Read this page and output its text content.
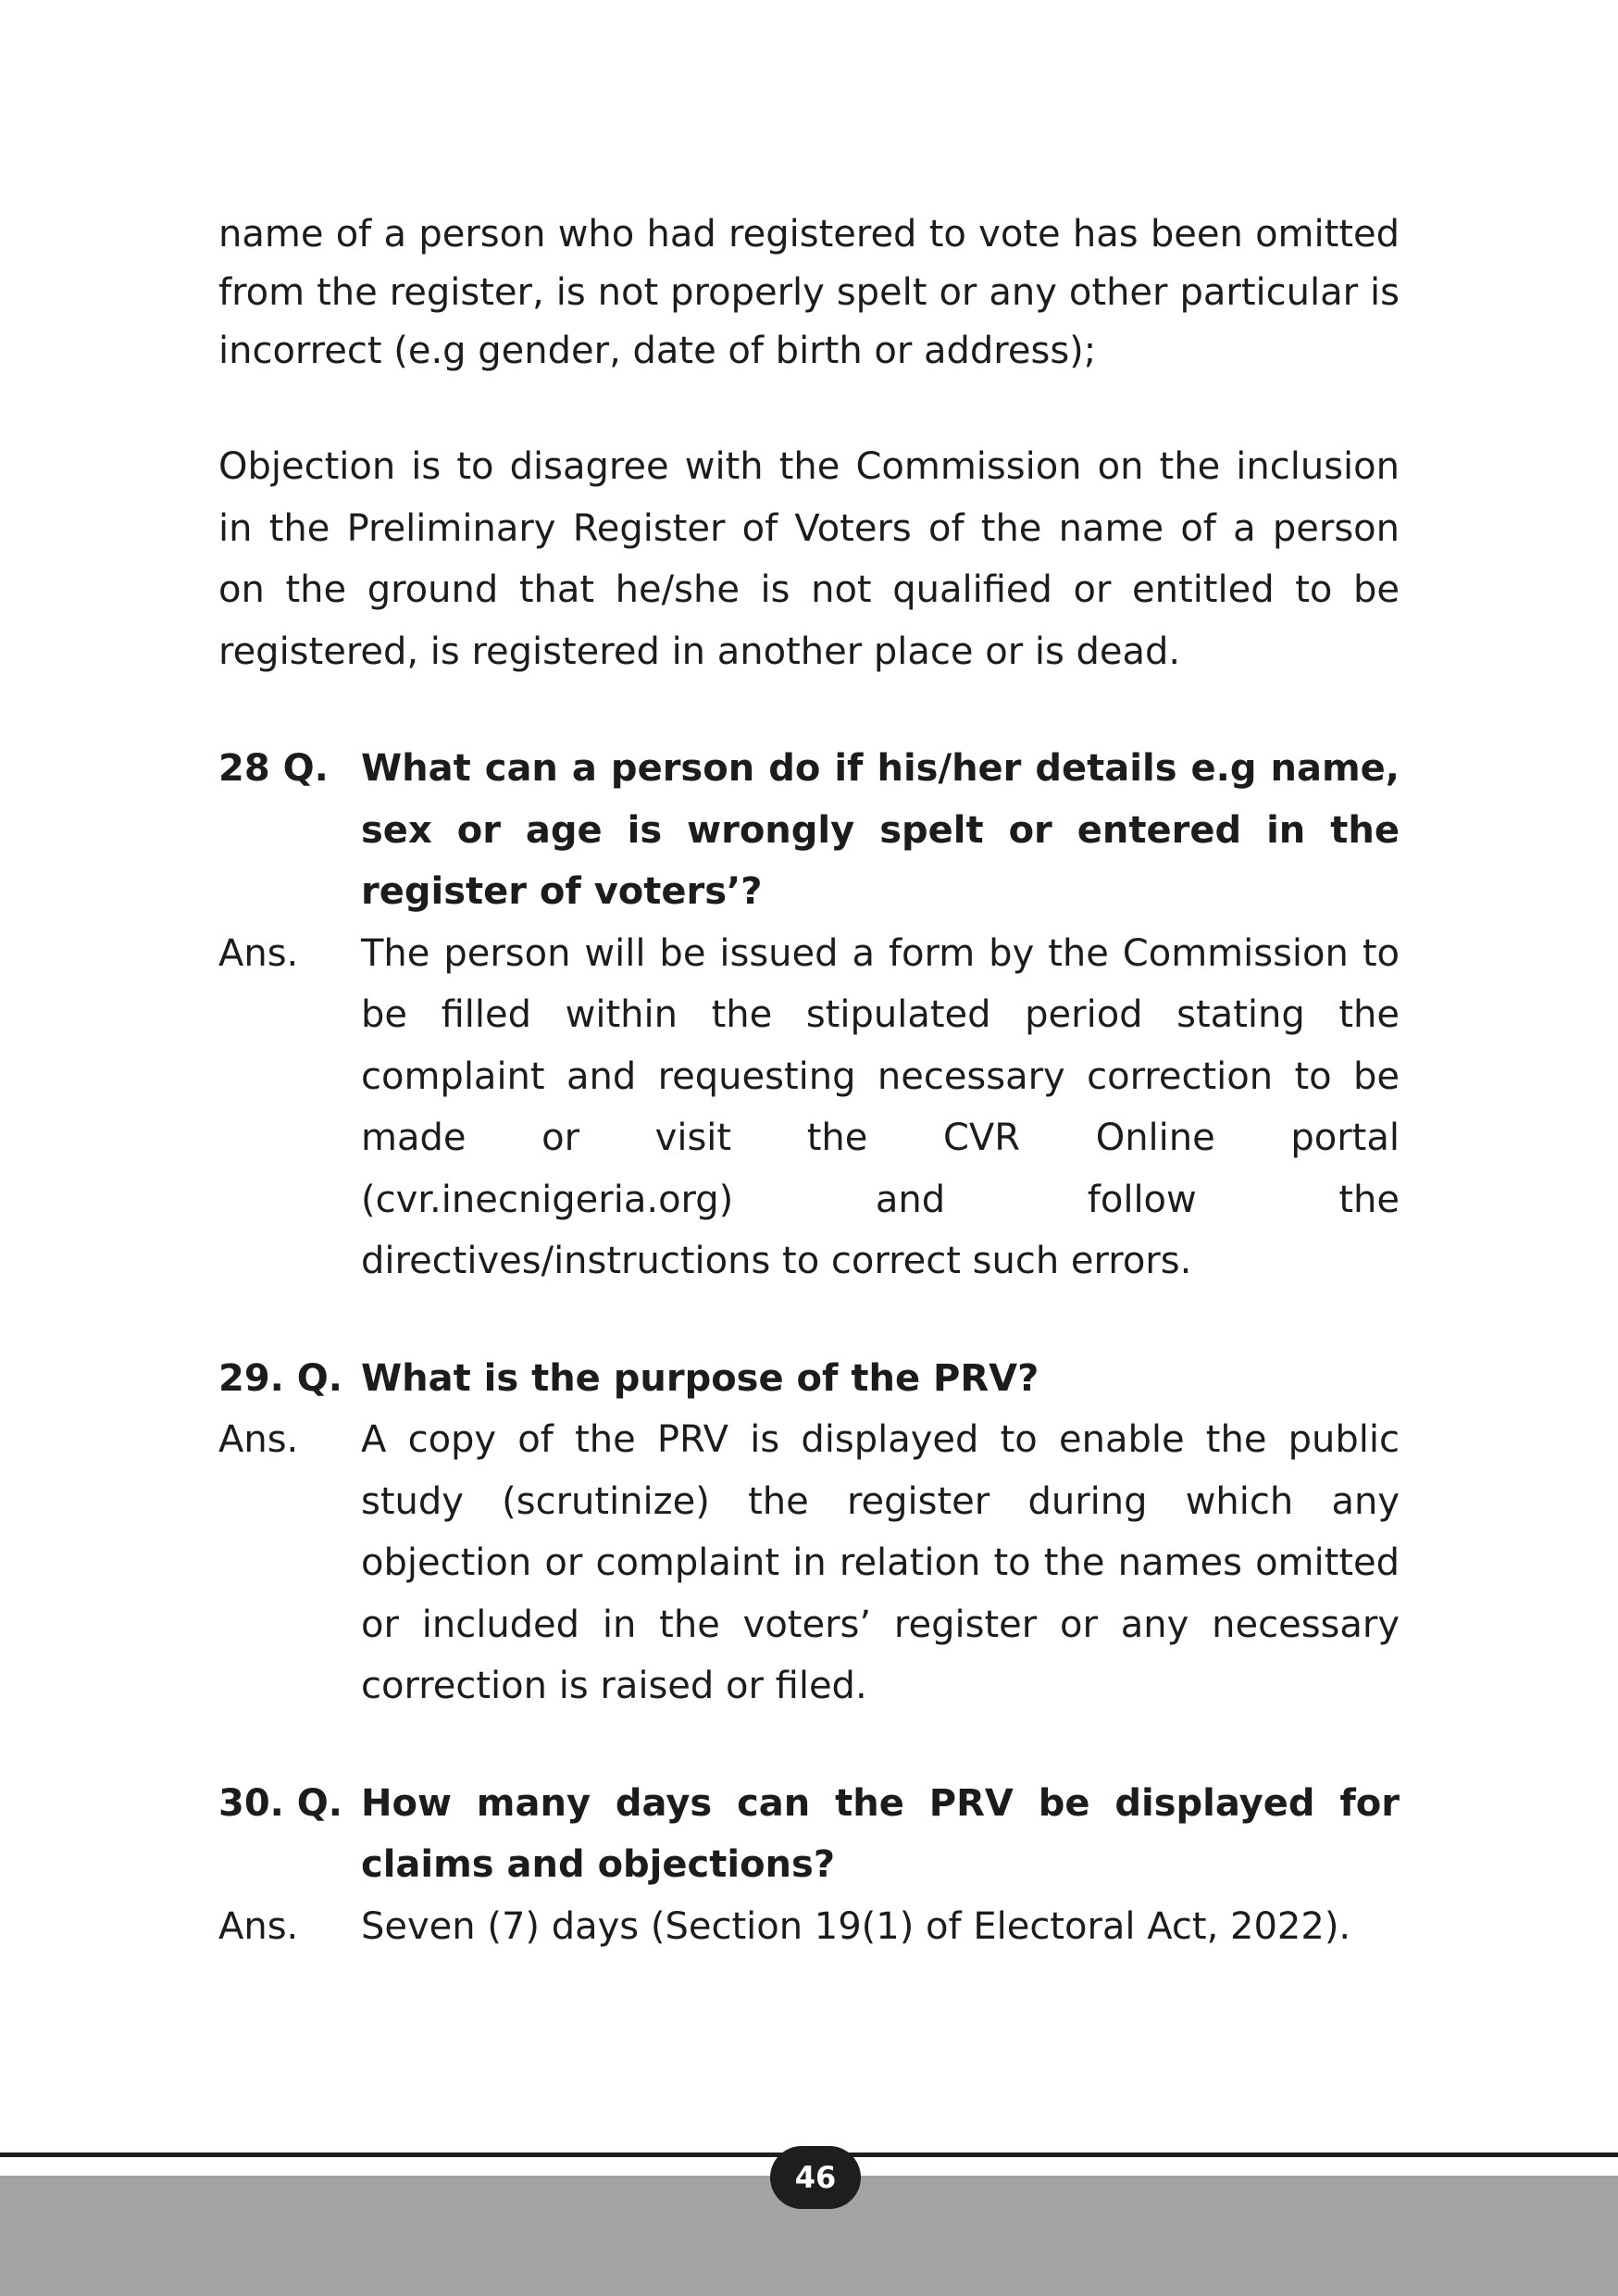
name of a person who had registered to vote has been omitted from the register, is not properly spelt or any other particular is incorrect (e.g gender, date of birth or address);

Objection is to disagree with the Commission on the inclusion in the Preliminary Register of Voters of the name of a person on the ground that he/she is not qualified or entitled to be registered, is registered in another place or is dead.

28 Q. What can a person do if his/her details e.g name, sex or age is wrongly spelt or entered in the register of voters’?
Ans.	The person will be issued a form by the Commission to be filled within the stipulated period stating the complaint and requesting necessary correction to be made or visit the CVR Online portal (cvr.inecnigeria.org) and follow the directives/instructions to correct such errors.
29. Q. What is the purpose of the PRV?
Ans.	A copy of the PRV is displayed to enable the public study (scrutinize) the register during which any objection or complaint in relation to the names omitted or included in the voters’ register or any necessary correction is raised or filed.
30. Q. How many days can the PRV be displayed for claims and objections?
Ans.	Seven (7) days (Section 19(1) of Electoral Act, 2022).
46
